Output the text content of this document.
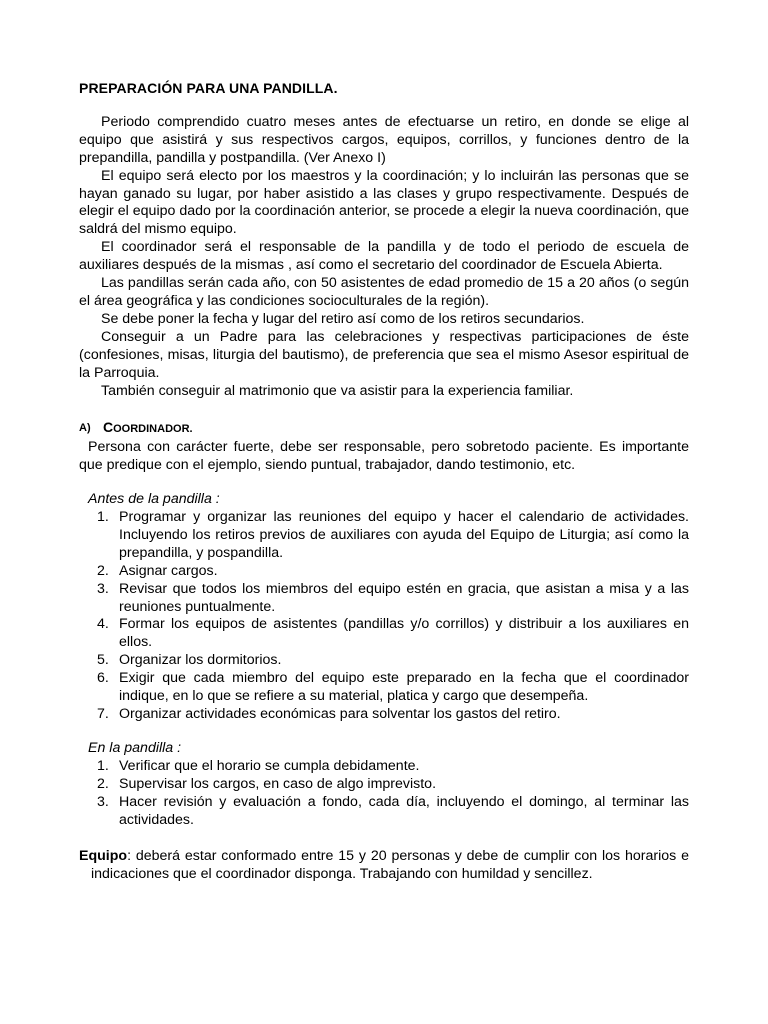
PREPARACIÓN PARA UNA PANDILLA.

Periodo comprendido cuatro meses antes de efectuarse un retiro, en donde se elige al equipo que asistirá y sus respectivos cargos, equipos, corrillos, y funciones dentro de la prepandilla, pandilla y postpandilla. (Ver Anexo I)

El equipo será electo por los maestros y la coordinación; y lo incluirán las personas que se hayan ganado su lugar, por haber asistido a las clases y grupo respectivamente. Después de elegir el equipo dado por la coordinación anterior, se procede a elegir la nueva coordinación, que saldrá del mismo equipo.

El coordinador será el responsable de la pandilla y de todo el periodo de escuela de auxiliares después de la mismas , así como el secretario del coordinador de Escuela Abierta.

Las pandillas serán cada año, con 50 asistentes de edad promedio de 15 a 20 años (o según el área geográfica y las condiciones socioculturales de la región).

Se debe poner la fecha y lugar del retiro así como de los retiros secundarios.

Conseguir a un Padre para las celebraciones y respectivas participaciones de éste (confesiones, misas, liturgia del bautismo), de preferencia que sea el mismo Asesor espiritual de la Parroquia.

También conseguir al matrimonio que va asistir para la experiencia familiar.

A) COORDINADOR.

Persona con carácter fuerte, debe ser responsable, pero sobretodo paciente. Es importante que predique con el ejemplo, siendo puntual, trabajador, dando testimonio, etc.

Antes de la pandilla :
1. Programar y organizar las reuniones del equipo y hacer el calendario de actividades. Incluyendo los retiros previos de auxiliares con ayuda del Equipo de Liturgia; así como la prepandilla, y pospandilla.
2. Asignar cargos.
3. Revisar que todos los miembros del equipo estén en gracia, que asistan a misa y a las reuniones puntualmente.
4. Formar los equipos de asistentes (pandillas y/o corrillos) y distribuir a los auxiliares en ellos.
5. Organizar los dormitorios.
6. Exigir que cada miembro del equipo este preparado en la fecha que el coordinador indique, en lo que se refiere a su material, platica y cargo que desempeña.
7. Organizar actividades económicas para solventar los gastos del retiro.
En la pandilla :
1. Verificar que el horario se cumpla debidamente.
2. Supervisar los cargos, en caso de algo imprevisto.
3. Hacer revisión y evaluación a fondo, cada día, incluyendo el domingo, al terminar las actividades.

Equipo: deberá estar conformado entre 15 y 20 personas y debe de cumplir con los horarios e indicaciones que el coordinador disponga. Trabajando con humildad y sencillez.
